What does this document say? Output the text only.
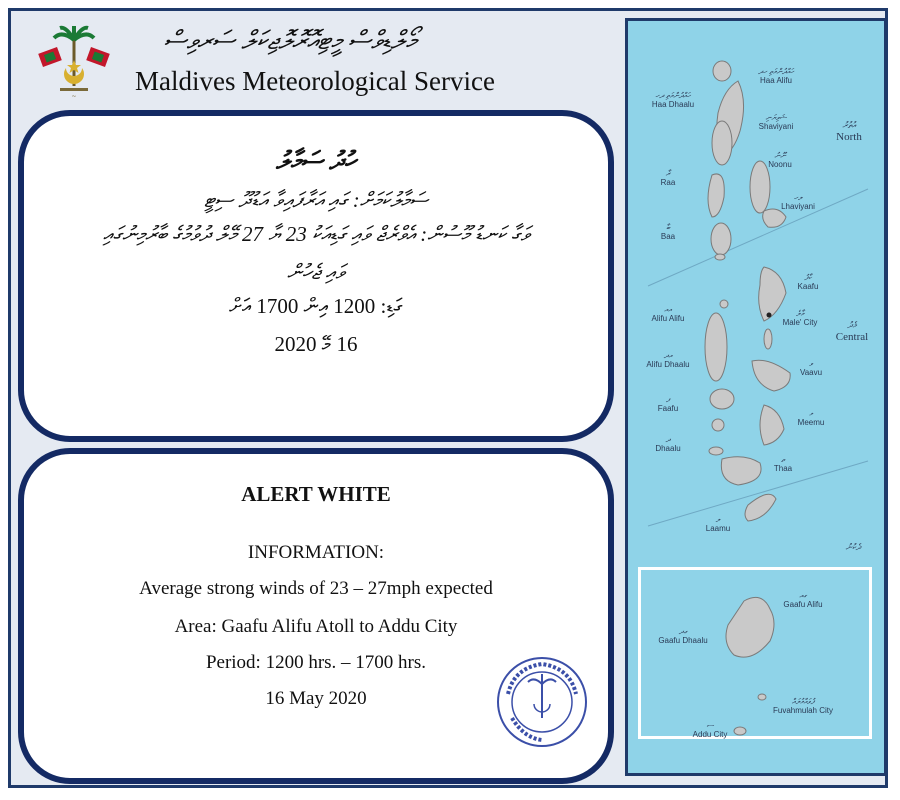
~
މޯލްޑިވްސް މީޓިއޮރޮލޮޖިކަލް ސަރވިސް
Maldives Meteorological Service
ހުދު ސަމާލު
ސަމާލުކަމަށް: ގައި އަރާފައިވާ އަޑުދޫ ސިޓީ
ވަގާ ކަނޑު މޫސުން: އެވްރެޖް ވައި ގަޑިއަކު 23 ޔާ 27 މޭލް ދުވުމުގެ ބާރުމިނުގައި
ވައި ޖެހުން
ގަޑި: 1200 އިން 1700 އަށް
16 މޭ 2020
ALERT WHITE
INFORMATION:
Average strong winds of 23 – 27mph expected
Area: Gaafu Alifu Atoll to Addu City
Period: 1200 hrs. – 1700 hrs.
16 May 2020
ހައްދުންމަތި ހދ
Haa Alifu
ހައްދުންމަތި ދހ
Haa Dhaalu
ޝަވިޔަނި
Shaviyani
ނޫނު
Noonu
ރާ
Raa
ލހ
Lhaviyani
ބާ
Baa
ކާފު
Kaafu
މާލެ
Male' City
އއ
Alifu Alifu
އދ
Alifu Dhaalu	ވ
Vaavu
ފ
Faafu
މ
Meemu
ދ
Dhaalu
ތ
Thaa
ލ
Laamu
އުތުރު
North
މެދު
Central
ދެކުނު
ގއ
Gaafu Alifu
ގދ
Gaafu Dhaalu
ފުވައްމުލައް
Fuvahmulah City
ސ
Addu City
